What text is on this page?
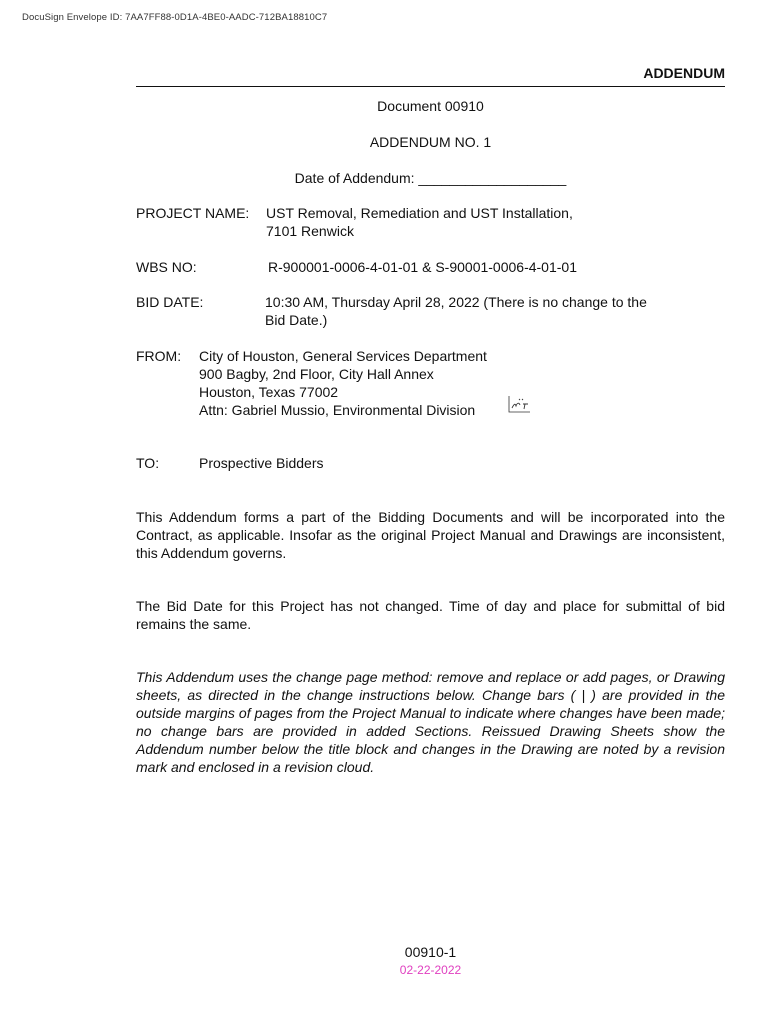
DocuSign Envelope ID: 7AA7FF88-0D1A-4BE0-AADC-712BA18810C7
ADDENDUM
Document 00910
ADDENDUM NO. 1
Date of Addendum: ___________________
PROJECT NAME: UST Removal, Remediation and UST Installation,
7101 Renwick
WBS NO:	R-900001-0006-4-01-01 & S-90001-0006-4-01-01
BID DATE:	10:30 AM, Thursday April 28, 2022 (There is no change to the
Bid Date.)
FROM: City of Houston, General Services Department
900 Bagby, 2nd Floor, City Hall Annex
Houston, Texas 77002
Attn: Gabriel Mussio, Environmental Division
TO:	Prospective Bidders
This Addendum forms a part of the Bidding Documents and will be incorporated into the Contract, as applicable. Insofar as the original Project Manual and Drawings are inconsistent, this Addendum governs.
The Bid Date for this Project has not changed. Time of day and place for submittal of bid remains the same.
This Addendum uses the change page method: remove and replace or add pages, or Drawing sheets, as directed in the change instructions below. Change bars ( | ) are provided in the outside margins of pages from the Project Manual to indicate where changes have been made; no change bars are provided in added Sections. Reissued Drawing Sheets show the Addendum number below the title block and changes in the Drawing are noted by a revision mark and enclosed in a revision cloud.
00910-1
02-22-2022
